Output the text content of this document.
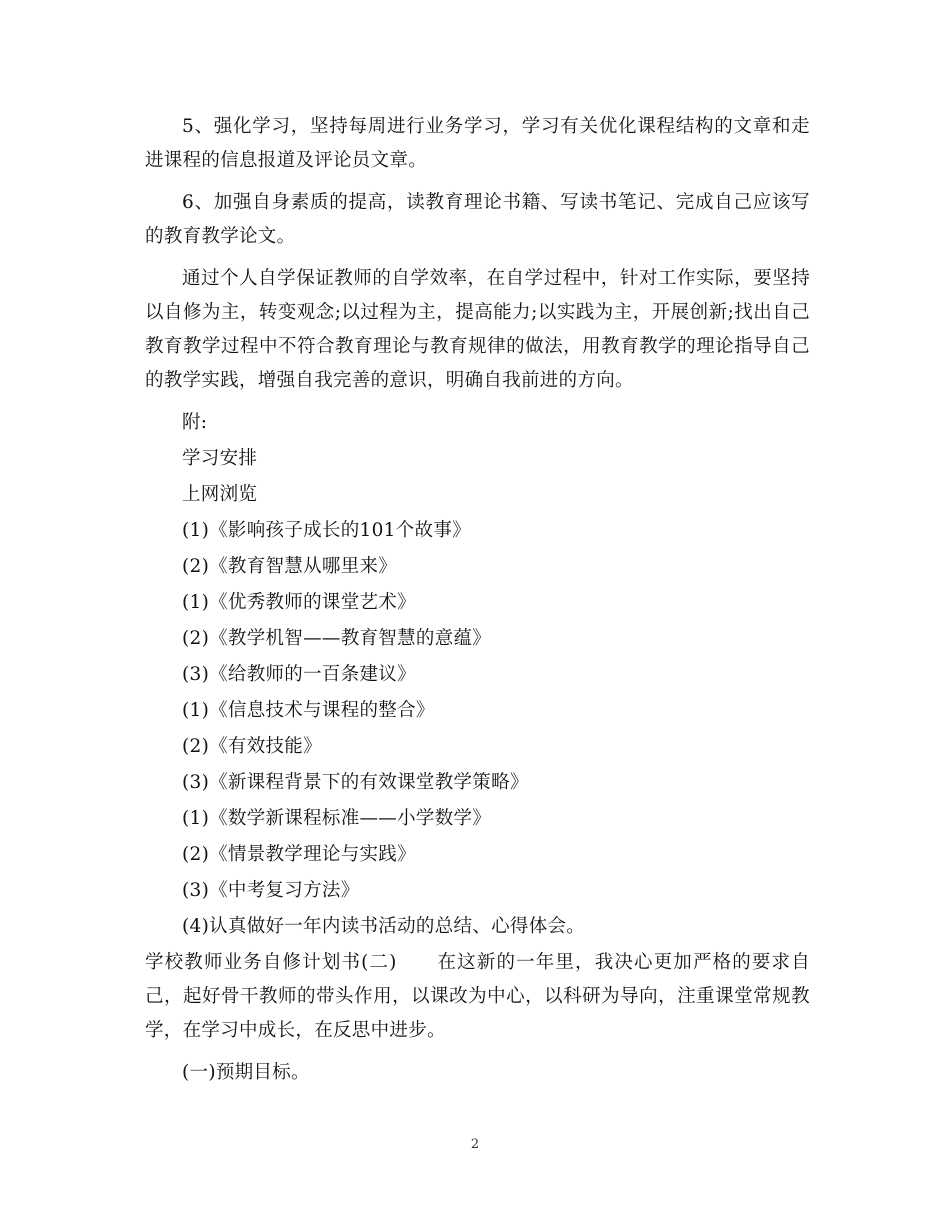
5、强化学习，坚持每周进行业务学习，学习有关优化课程结构的文章和走进课程的信息报道及评论员文章。

6、加强自身素质的提高，读教育理论书籍、写读书笔记、完成自己应该写的教育教学论文。

通过个人自学保证教师的自学效率，在自学过程中，针对工作实际，要坚持以自修为主，转变观念;以过程为主，提高能力;以实践为主，开展创新;找出自己教育教学过程中不符合教育理论与教育规律的做法，用教育教学的理论指导自己的教学实践，增强自我完善的意识，明确自我前进的方向。

附:

学习安排

上网浏览

(1)《影响孩子成长的101个故事》

(2)《教育智慧从哪里来》

(1)《优秀教师的课堂艺术》

(2)《教学机智——教育智慧的意蕴》

(3)《给教师的一百条建议》

(1)《信息技术与课程的整合》

(2)《有效技能》

(3)《新课程背景下的有效课堂教学策略》

(1)《数学新课程标准——小学数学》

(2)《情景教学理论与实践》

(3)《中考复习方法》

(4)认真做好一年内读书活动的总结、心得体会。

学校教师业务自修计划书(二) 在这新的一年里，我决心更加严格的要求自己，起好骨干教师的带头作用，以课改为中心，以科研为导向，注重课堂常规教学，在学习中成长，在反思中进步。

(一)预期目标。

2
